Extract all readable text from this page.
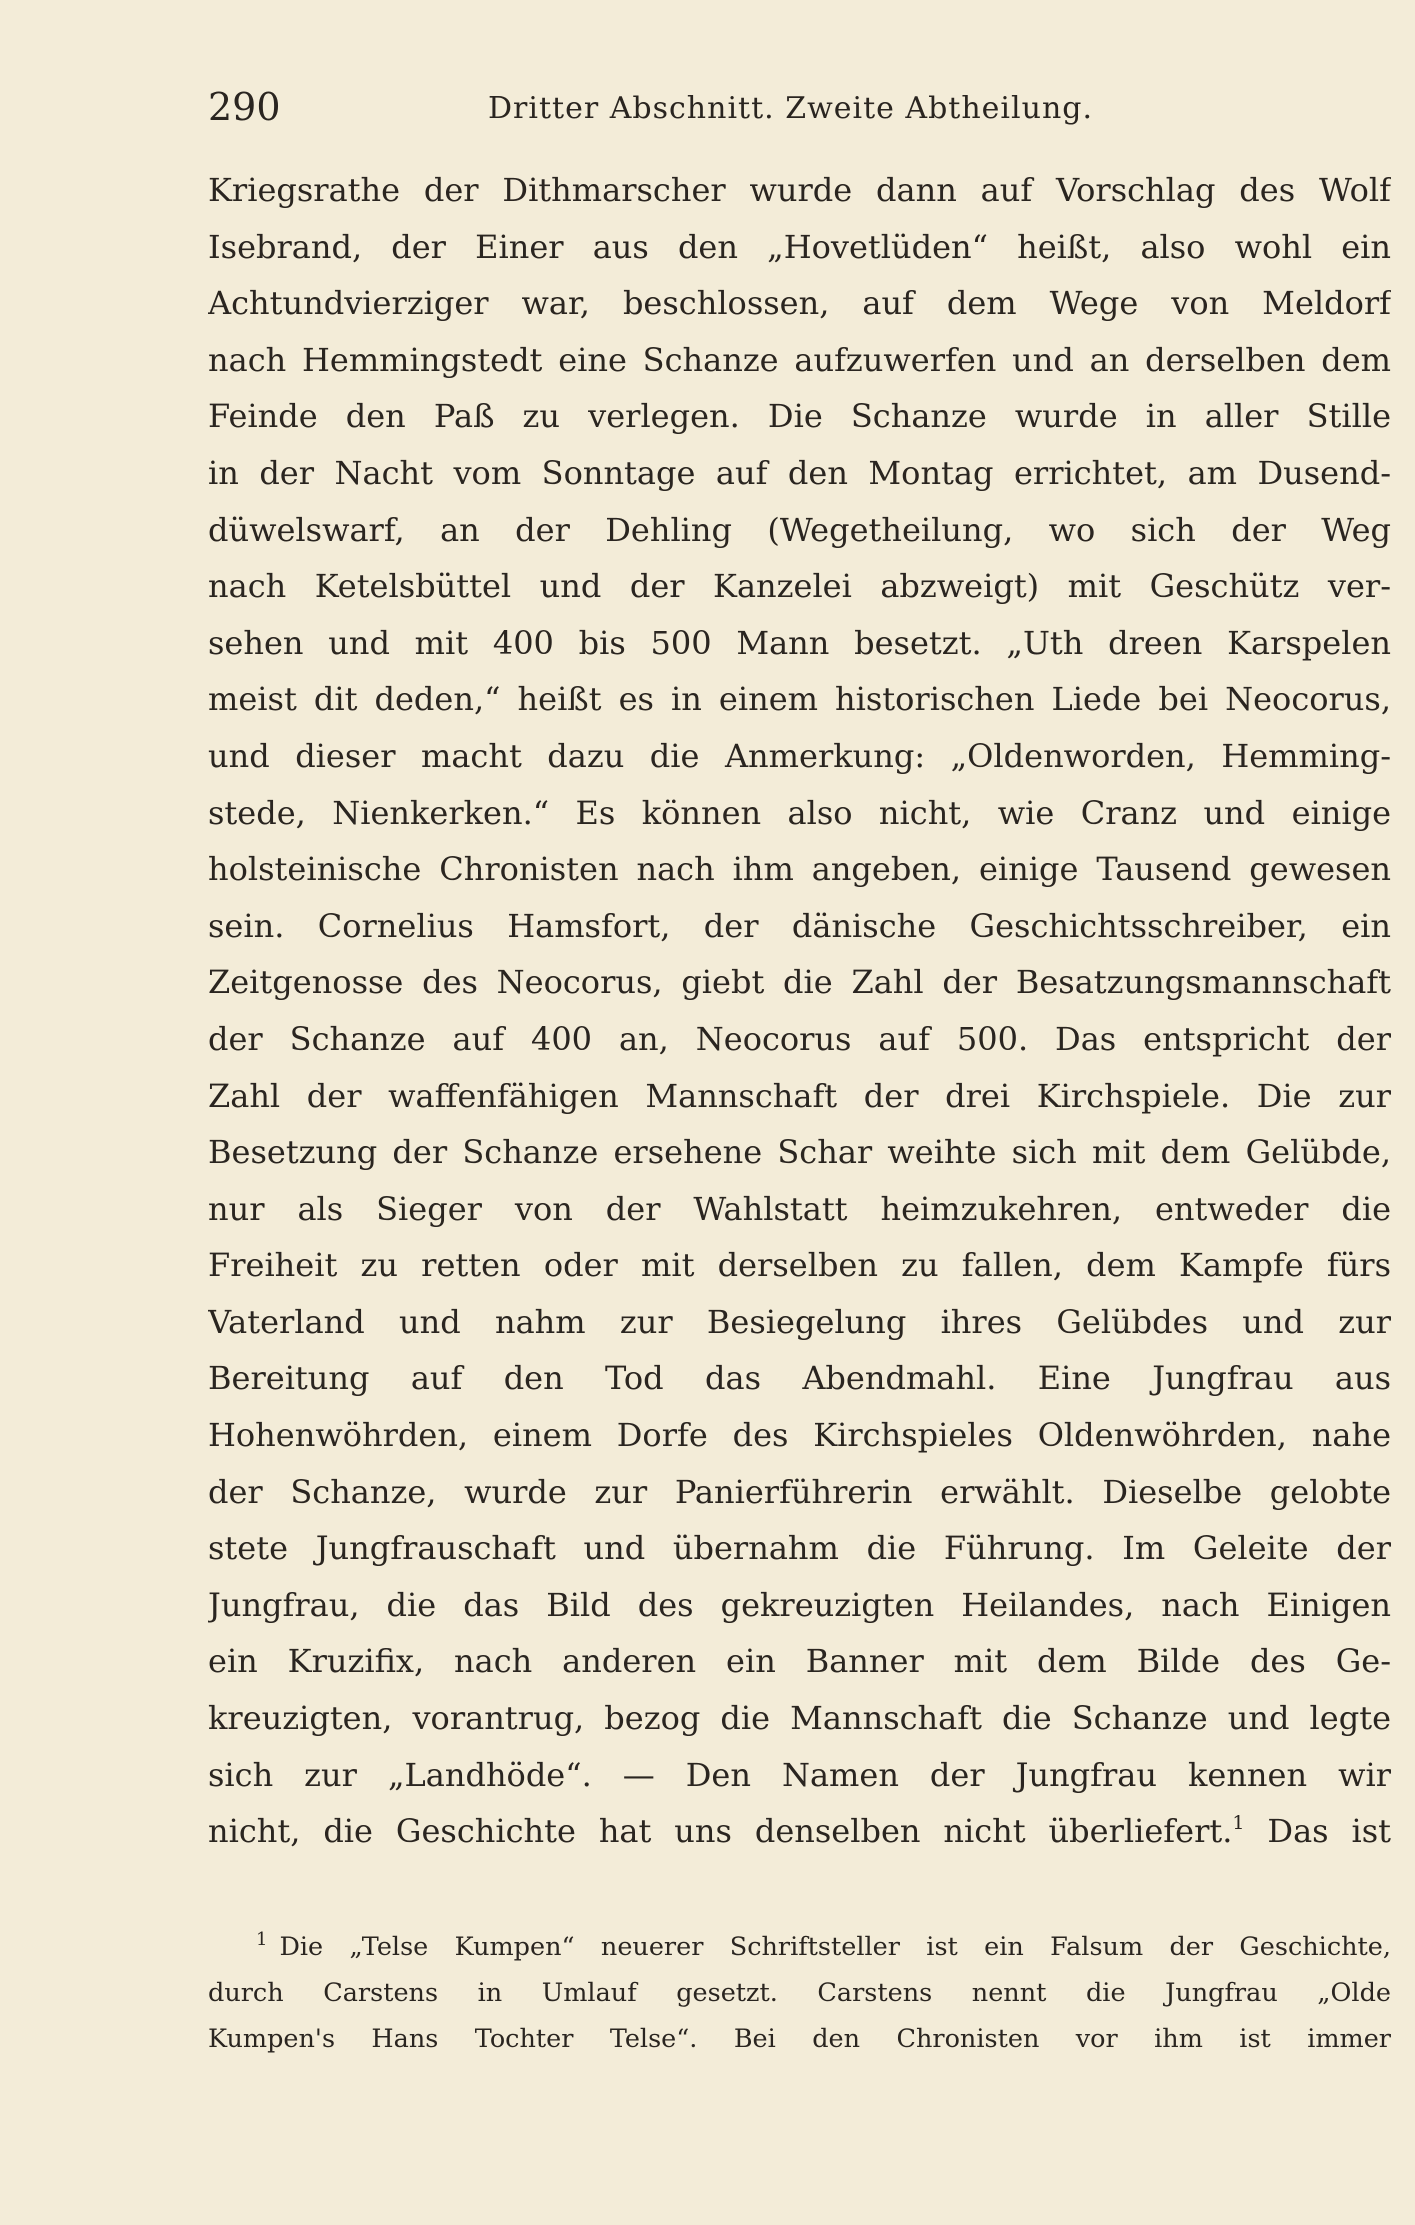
290	Dritter Abschnitt. Zweite Abtheilung.
Kriegsrathe der Dithmarscher wurde dann auf Vorschlag des Wolf
Isebrand, der Einer aus den „Hovetlüden“ heißt, also wohl ein
Achtundvierziger war, beschlossen, auf dem Wege von Meldorf
nach Hemmingstedt eine Schanze aufzuwerfen und an derselben dem
Feinde den Paß zu verlegen. Die Schanze wurde in aller Stille
in der Nacht vom Sonntage auf den Montag errichtet, am Dusend-
düwelswarf, an der Dehling (Wegetheilung, wo sich der Weg
nach Ketelsbüttel und der Kanzelei abzweigt) mit Geschütz ver-
sehen und mit 400 bis 500 Mann besetzt. „Uth dreen Karspelen
meist dit deden,“ heißt es in einem historischen Liede bei Neocorus,
und dieser macht dazu die Anmerkung: „Oldenworden, Hemming-
stede, Nienkerken.“ Es können also nicht, wie Cranz und einige
holsteinische Chronisten nach ihm angeben, einige Tausend gewesen
sein. Cornelius Hamsfort, der dänische Geschichtsschreiber, ein
Zeitgenosse des Neocorus, giebt die Zahl der Besatzungsmannschaft
der Schanze auf 400 an, Neocorus auf 500. Das entspricht der
Zahl der waffenfähigen Mannschaft der drei Kirchspiele. Die zur
Besetzung der Schanze ersehene Schar weihte sich mit dem Gelübde,
nur als Sieger von der Wahlstatt heimzukehren, entweder die
Freiheit zu retten oder mit derselben zu fallen, dem Kampfe fürs
Vaterland und nahm zur Besiegelung ihres Gelübdes und zur
Bereitung auf den Tod das Abendmahl. Eine Jungfrau aus
Hohenwöhrden, einem Dorfe des Kirchspieles Oldenwöhrden, nahe
der Schanze, wurde zur Panierführerin erwählt. Dieselbe gelobte
stete Jungfrauschaft und übernahm die Führung. Im Geleite der
Jungfrau, die das Bild des gekreuzigten Heilandes, nach Einigen
ein Kruzifix, nach anderen ein Banner mit dem Bilde des Ge-
kreuzigten, vorantrug, bezog die Mannschaft die Schanze und legte
sich zur „Landhöde“. — Den Namen der Jungfrau kennen wir
nicht, die Geschichte hat uns denselben nicht überliefert.$^1$ Das ist
$^1$ Die „Telse Kumpen“ neuerer Schriftsteller ist ein Falsum der Geschichte,
durch Carstens in Umlauf gesetzt. Carstens nennt die Jungfrau „Olde
Kumpen's Hans Tochter Telse“. Bei den Chronisten vor ihm ist immer
